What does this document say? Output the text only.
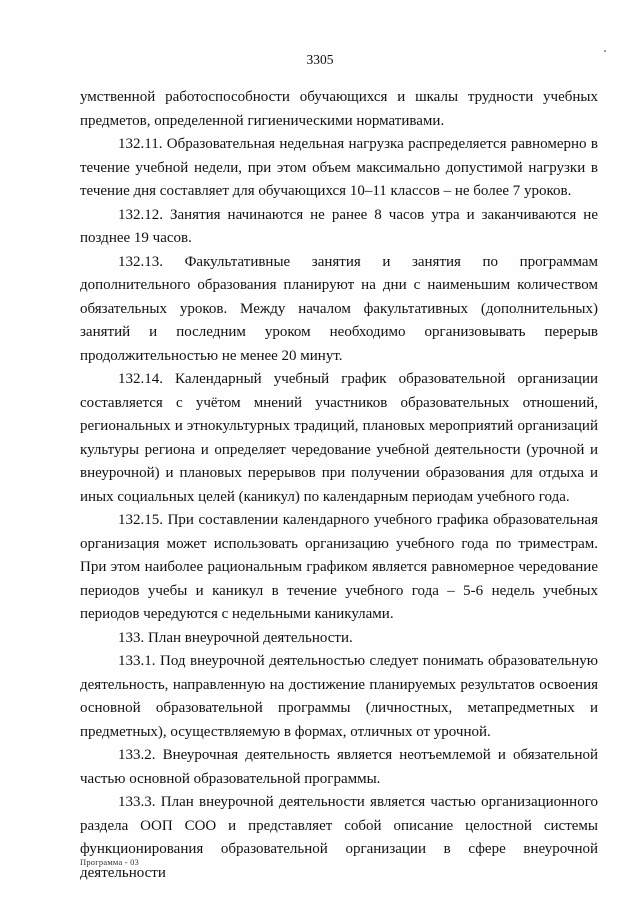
3305

умственной работоспособности обучающихся и шкалы трудности учебных предметов, определенной гигиеническими нормативами.

132.11. Образовательная недельная нагрузка распределяется равномерно в течение учебной недели, при этом объем максимально допустимой нагрузки в течение дня составляет для обучающихся 10–11 классов – не более 7 уроков.

132.12. Занятия начинаются не ранее 8 часов утра и заканчиваются не позднее 19 часов.

132.13. Факультативные занятия и занятия по программам дополнительного образования планируют на дни с наименьшим количеством обязательных уроков. Между началом факультативных (дополнительных) занятий и последним уроком необходимо организовывать перерыв продолжительностью не менее 20 минут.

132.14. Календарный учебный график образовательной организации составляется с учётом мнений участников образовательных отношений, региональных и этнокультурных традиций, плановых мероприятий организаций культуры региона и определяет чередование учебной деятельности (урочной и внеурочной) и плановых перерывов при получении образования для отдыха и иных социальных целей (каникул) по календарным периодам учебного года.

132.15. При составлении календарного учебного графика образовательная организация может использовать организацию учебного года по триместрам. При этом наиболее рациональным графиком является равномерное чередование периодов учебы и каникул в течение учебного года – 5-6 недель учебных периодов чередуются с недельными каникулами.

133. План внеурочной деятельности.

133.1. Под внеурочной деятельностью следует понимать образовательную деятельность, направленную на достижение планируемых результатов освоения основной образовательной программы (личностных, метапредметных и предметных), осуществляемую в формах, отличных от урочной.

133.2. Внеурочная деятельность является неотъемлемой и обязательной частью основной образовательной программы.

133.3. План внеурочной деятельности является частью организационного раздела ООП СОО и представляет собой описание целостной системы функционирования образовательной организации в сфере внеурочной деятельности

Программа - 03
